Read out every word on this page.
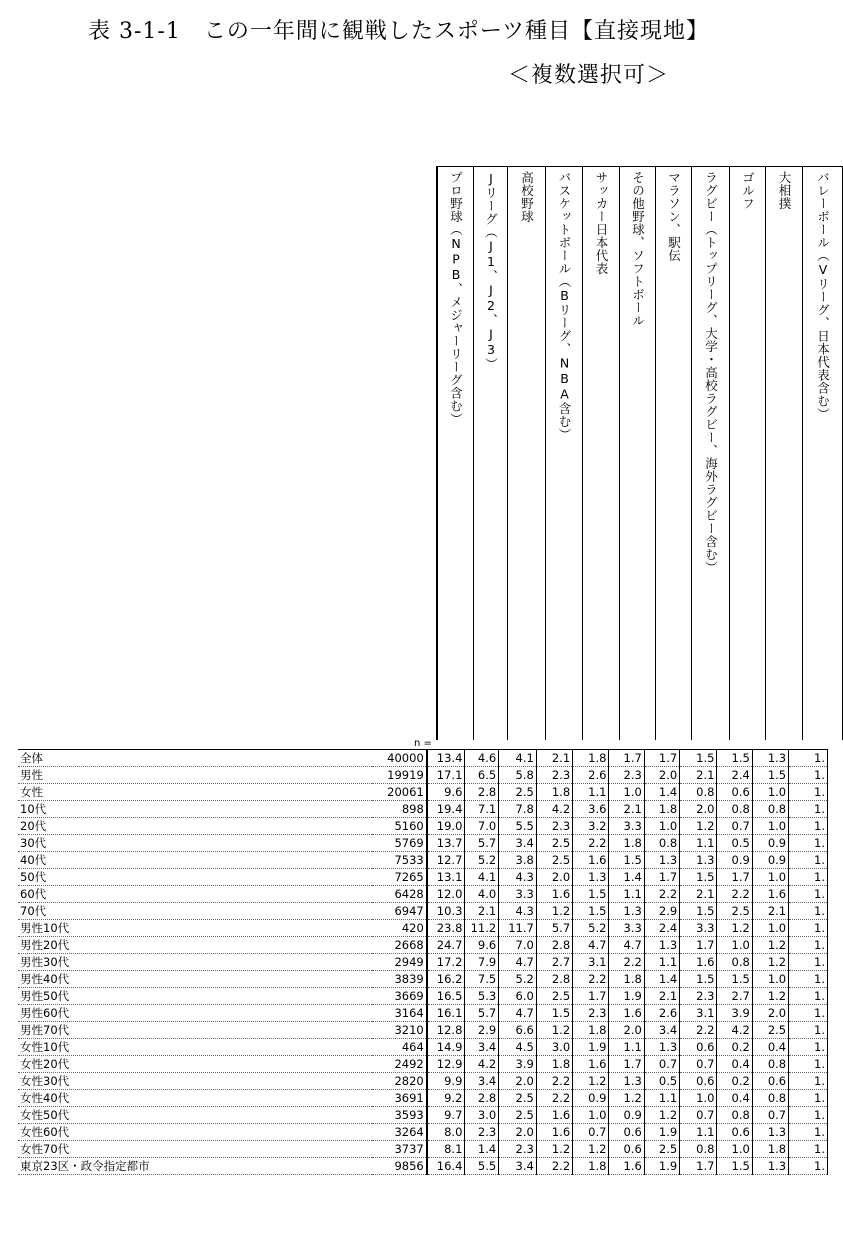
表 3-1-1　この一年間に観戦したスポーツ種目【直接現地】
＜複数選択可＞
プロ野球（NPB、メジャーリーグ含む） Jリーグ（J1、J2、J3） 高校野球 バスケットボール（Bリーグ、NBA含む） サッカー日本代表 その他野球、ソフトボール マラソン、駅伝 ラグビー（トップリーグ、大学・高校ラグビー、海外ラグビー含む） ゴルフ 大相撲 バレーボール（Vリーグ、日本代表含む）
n =
全体	40000	13.4	4.6	4.1	2.1	1.8	1.7	1.7	1.5	1.5	1.3	1.
男性	19919	17.1	6.5	5.8	2.3	2.6	2.3	2.0	2.1	2.4	1.5	1.
女性	20061	9.6	2.8	2.5	1.8	1.1	1.0	1.4	0.8	0.6	1.0	1.
10代	898	19.4	7.1	7.8	4.2	3.6	2.1	1.8	2.0	0.8	0.8	1.
20代	5160	19.0	7.0	5.5	2.3	3.2	3.3	1.0	1.2	0.7	1.0	1.
30代	5769	13.7	5.7	3.4	2.5	2.2	1.8	0.8	1.1	0.5	0.9	1.
40代	7533	12.7	5.2	3.8	2.5	1.6	1.5	1.3	1.3	0.9	0.9	1.
50代	7265	13.1	4.1	4.3	2.0	1.3	1.4	1.7	1.5	1.7	1.0	1.
60代	6428	12.0	4.0	3.3	1.6	1.5	1.1	2.2	2.1	2.2	1.6	1.
70代	6947	10.3	2.1	4.3	1.2	1.5	1.3	2.9	1.5	2.5	2.1	1.
男性10代	420	23.8	11.2	11.7	5.7	5.2	3.3	2.4	3.3	1.2	1.0	1.
男性20代	2668	24.7	9.6	7.0	2.8	4.7	4.7	1.3	1.7	1.0	1.2	1.
男性30代	2949	17.2	7.9	4.7	2.7	3.1	2.2	1.1	1.6	0.8	1.2	1.
男性40代	3839	16.2	7.5	5.2	2.8	2.2	1.8	1.4	1.5	1.5	1.0	1.
男性50代	3669	16.5	5.3	6.0	2.5	1.7	1.9	2.1	2.3	2.7	1.2	1.
男性60代	3164	16.1	5.7	4.7	1.5	2.3	1.6	2.6	3.1	3.9	2.0	1.
男性70代	3210	12.8	2.9	6.6	1.2	1.8	2.0	3.4	2.2	4.2	2.5	1.
女性10代	464	14.9	3.4	4.5	3.0	1.9	1.1	1.3	0.6	0.2	0.4	1.
女性20代	2492	12.9	4.2	3.9	1.8	1.6	1.7	0.7	0.7	0.4	0.8	1.
女性30代	2820	9.9	3.4	2.0	2.2	1.2	1.3	0.5	0.6	0.2	0.6	1.
女性40代	3691	9.2	2.8	2.5	2.2	0.9	1.2	1.1	1.0	0.4	0.8	1.
女性50代	3593	9.7	3.0	2.5	1.6	1.0	0.9	1.2	0.7	0.8	0.7	1.
女性60代	3264	8.0	2.3	2.0	1.6	0.7	0.6	1.9	1.1	0.6	1.3	1.
女性70代	3737	8.1	1.4	2.3	1.2	1.2	0.6	2.5	0.8	1.0	1.8	1.
東京23区・政令指定都市	9856	16.4	5.5	3.4	2.2	1.8	1.6	1.9	1.7	1.5	1.3	1.
